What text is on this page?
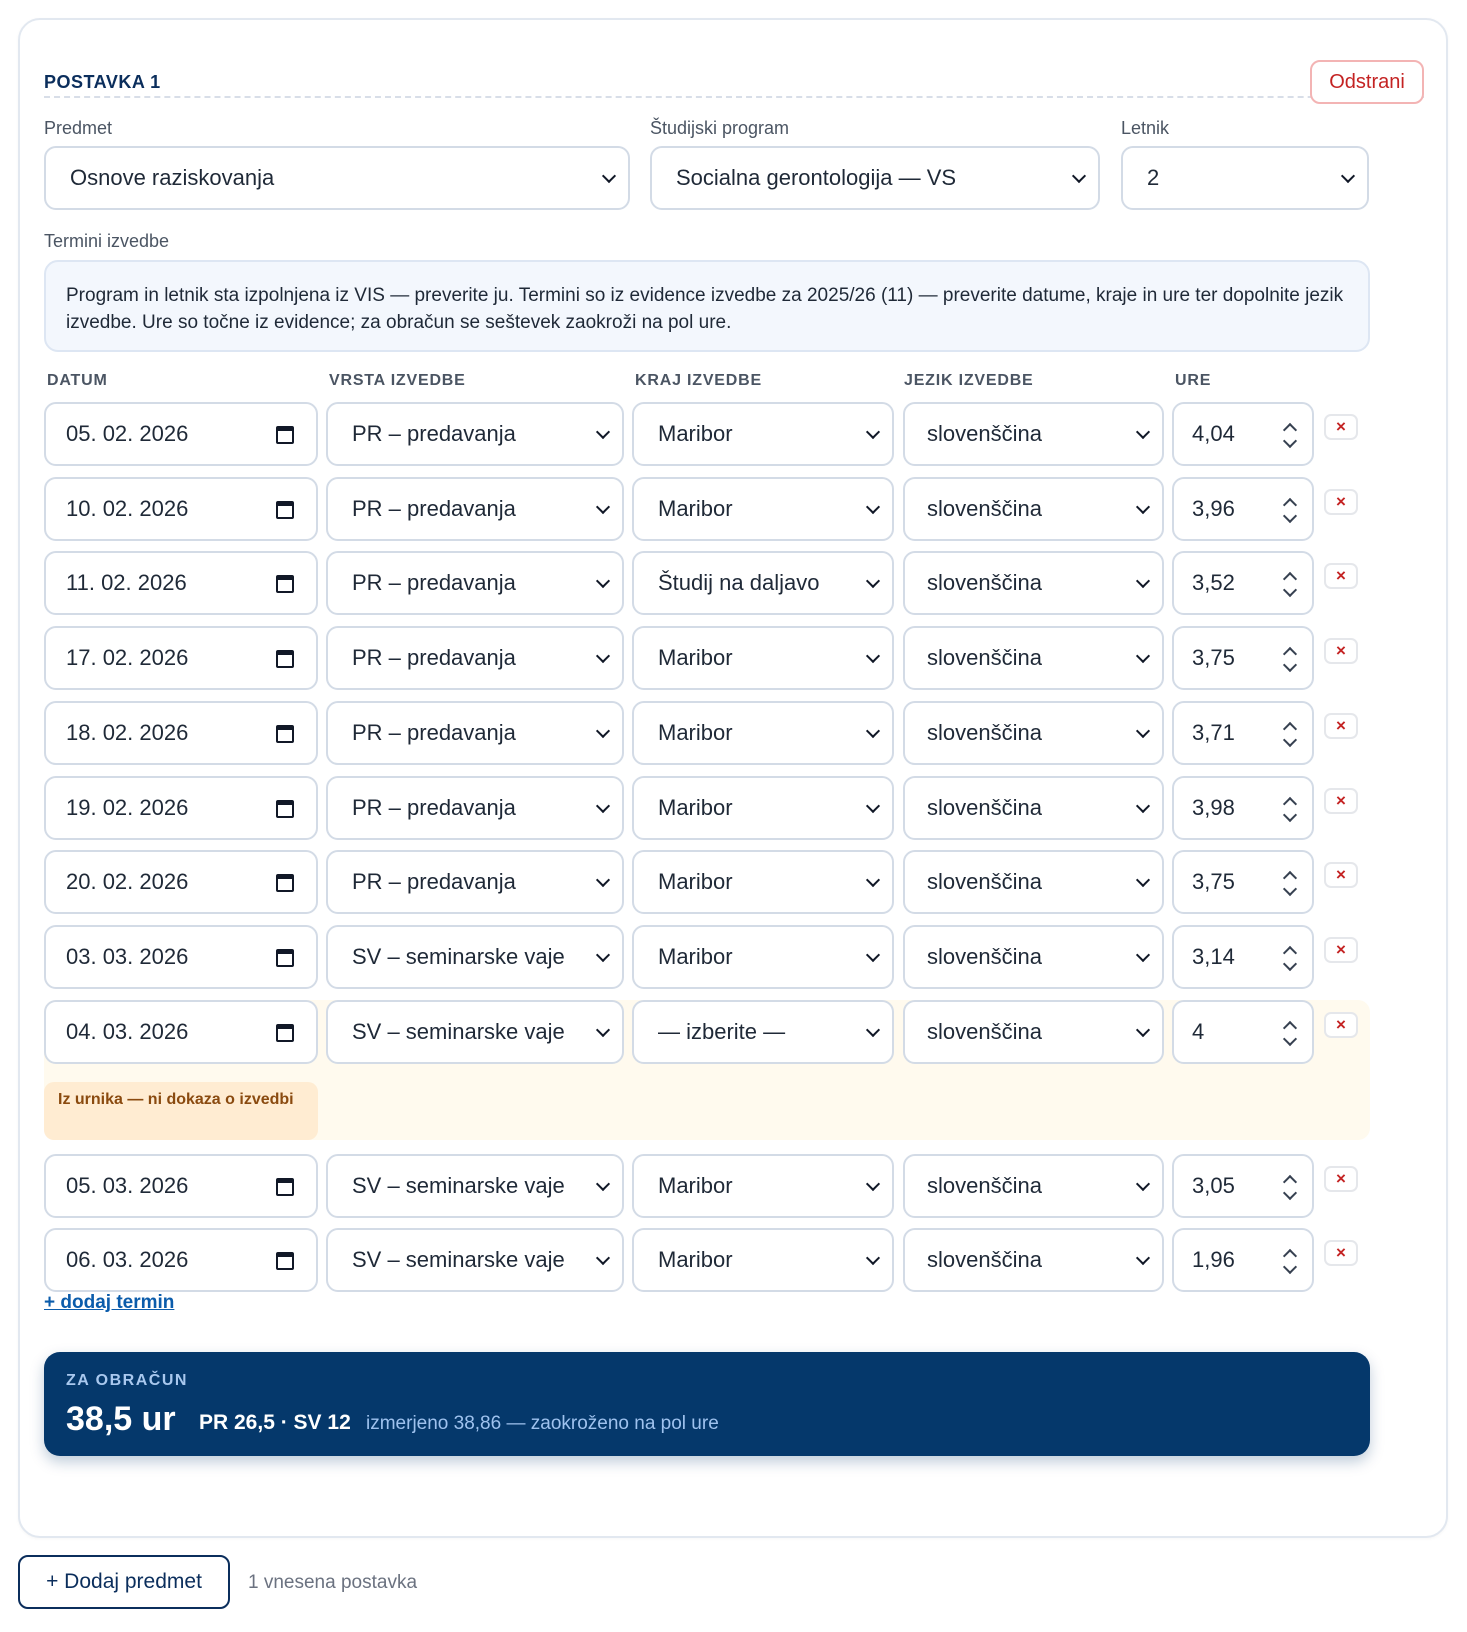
POSTAVKA 1	Odstrani
Predmet
Osnove raziskovanja
Študijski program
Socialna gerontologija — VS
Letnik
2
Termini izvedbe
Program in letnik sta izpolnjena iz VIS — preverite ju. Termini so iz evidence izvedbe za 2025/26 (11) — preverite datume, kraje in ure ter dopolnite jezik izvedbe. Ure so točne iz evidence; za obračun se seštevek zaokroži na pol ure.
DATUM	VRSTA IZVEDBE	KRAJ IZVEDBE	JEZIK IZVEDBE	URE
05. 02. 2026	PR – predavanja	Maribor	slovenščina	4,04	×
10. 02. 2026	PR – predavanja	Maribor	slovenščina	3,96	×
11. 02. 2026	PR – predavanja	Študij na daljavo	slovenščina	3,52	×
17. 02. 2026	PR – predavanja	Maribor	slovenščina	3,75	×
18. 02. 2026	PR – predavanja	Maribor	slovenščina	3,71	×
19. 02. 2026	PR – predavanja	Maribor	slovenščina	3,98	×
20. 02. 2026	PR – predavanja	Maribor	slovenščina	3,75	×
03. 03. 2026	SV – seminarske vaje	Maribor	slovenščina	3,14	×
04. 03. 2026	SV – seminarske vaje	— izberite —	slovenščina	4	×
Iz urnika — ni dokaza o izvedbi
05. 03. 2026	SV – seminarske vaje	Maribor	slovenščina	3,05	×
06. 03. 2026	SV – seminarske vaje	Maribor	slovenščina	1,96	×
+ dodaj termin
ZA OBRAČUN
38,5 ur PR 26,5 · SV 12 izmerjeno 38,86 — zaokroženo na pol ure
+ Dodaj predmet	1 vnesena postavka
